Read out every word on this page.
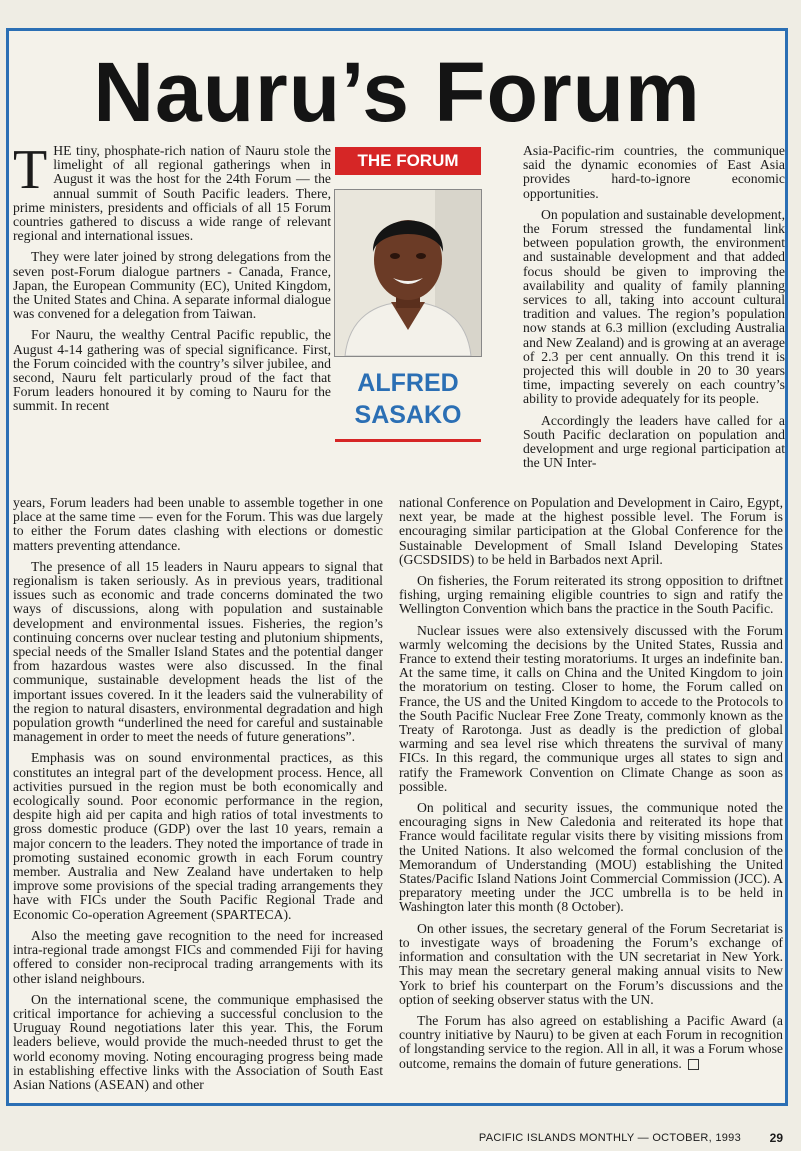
Nauru’s Forum

THE tiny, phosphate-rich nation of Nauru stole the limelight of all regional gatherings when in August it was the host for the 24th Forum — the annual summit of South Pacific leaders. There, prime ministers, presidents and officials of all 15 Forum countries gathered to discuss a wide range of relevant regional and international issues.

They were later joined by strong delegations from the seven post-Forum dialogue partners - Canada, France, Japan, the European Community (EC), United Kingdom, the United States and China. A separate informal dialogue was convened for a delegation from Taiwan.

For Nauru, the wealthy Central Pacific republic, the August 4-14 gathering was of special significance. First, the Forum coincided with the country’s silver jubilee, and second, Nauru felt particularly proud of the fact that Forum leaders honoured it by coming to Nauru for the summit. In recent

THE FORUM
ALFRED
SASAKO

Asia-Pacific-rim countries, the communique said the dynamic economies of East Asia provides hard-to-ignore economic opportunities.

On population and sustainable development, the Forum stressed the fundamental link between population growth, the environment and sustainable development and that added focus should be given to improving the availability and quality of family planning services to all, taking into account cultural tradition and values. The region’s population now stands at 6.3 million (excluding Australia and New Zealand) and is growing at an average of 2.3 per cent annually. On this trend it is projected this will double in 20 to 30 years time, impacting severely on each country’s ability to provide adequately for its people.

Accordingly the leaders have called for a South Pacific declaration on population and development and urge regional participation at the UN Inter-

years, Forum leaders had been unable to assemble together in one place at the same time — even for the Forum. This was due largely to either the Forum dates clashing with elections or domestic matters preventing attendance.

The presence of all 15 leaders in Nauru appears to signal that regionalism is taken seriously. As in previous years, traditional issues such as economic and trade concerns dominated the two ways of discussions, along with population and sustainable development and environmental issues. Fisheries, the region’s continuing concerns over nuclear testing and plutonium shipments, special needs of the Smaller Island States and the potential danger from hazardous wastes were also discussed. In the final communique, sustainable development heads the list of the important issues covered. In it the leaders said the vulnerability of the region to natural disasters, environmental degradation and high population growth “underlined the need for careful and sustainable management in order to meet the needs of future generations”.

Emphasis was on sound environmental practices, as this constitutes an integral part of the development process. Hence, all activities pursued in the region must be both economically and ecologically sound. Poor economic performance in the region, despite high aid per capita and high ratios of total investments to gross domestic produce (GDP) over the last 10 years, remain a major concern to the leaders. They noted the importance of trade in promoting sustained economic growth in each Forum country member. Australia and New Zealand have undertaken to help improve some provisions of the special trading arrangements they have with FICs under the South Pacific Regional Trade and Economic Co-operation Agreement (SPARTECA).

Also the meeting gave recognition to the need for increased intra-regional trade amongst FICs and commended Fiji for having offered to consider non-reciprocal trading arrangements with its other island neighbours.

On the international scene, the communique emphasised the critical importance for achieving a successful conclusion to the Uruguay Round negotiations later this year. This, the Forum leaders believe, would provide the much-needed thrust to get the world economy moving. Noting encouraging progress being made in establishing effective links with the Association of South East Asian Nations (ASEAN) and other

national Conference on Population and Development in Cairo, Egypt, next year, be made at the highest possible level. The Forum is encouraging similar participation at the Global Conference for the Sustainable Development of Small Island Developing States (GCSDSIDS) to be held in Barbados next April.

On fisheries, the Forum reiterated its strong opposition to driftnet fishing, urging remaining eligible countries to sign and ratify the Wellington Convention which bans the practice in the South Pacific.

Nuclear issues were also extensively discussed with the Forum warmly welcoming the decisions by the United States, Russia and France to extend their testing moratoriums. It urges an indefinite ban. At the same time, it calls on China and the United Kingdom to join the moratorium on testing. Closer to home, the Forum called on France, the US and the United Kingdom to accede to the Protocols to the South Pacific Nuclear Free Zone Treaty, commonly known as the Treaty of Rarotonga. Just as deadly is the prediction of global warming and sea level rise which threatens the survival of many FICs. In this regard, the communique urges all states to sign and ratify the Framework Convention on Climate Change as soon as possible.

On political and security issues, the communique noted the encouraging signs in New Caledonia and reiterated its hope that France would facilitate regular visits there by visiting missions from the United Nations. It also welcomed the formal conclusion of the Memorandum of Understanding (MOU) establishing the United States/Pacific Island Nations Joint Commercial Commission (JCC). A preparatory meeting under the JCC umbrella is to be held in Washington later this month (8 October).

On other issues, the secretary general of the Forum Secretariat is to investigate ways of broadening the Forum’s exchange of information and consultation with the UN secretariat in New York. This may mean the secretary general making annual visits to New York to brief his counterpart on the Forum’s discussions and the option of seeking observer status with the UN.

The Forum has also agreed on establishing a Pacific Award (a country initiative by Nauru) to be given at each Forum in recognition of longstanding service to the region. All in all, it was a Forum whose outcome, remains the domain of future generations.

PACIFIC ISLANDS MONTHLY — OCTOBER, 1993 29
